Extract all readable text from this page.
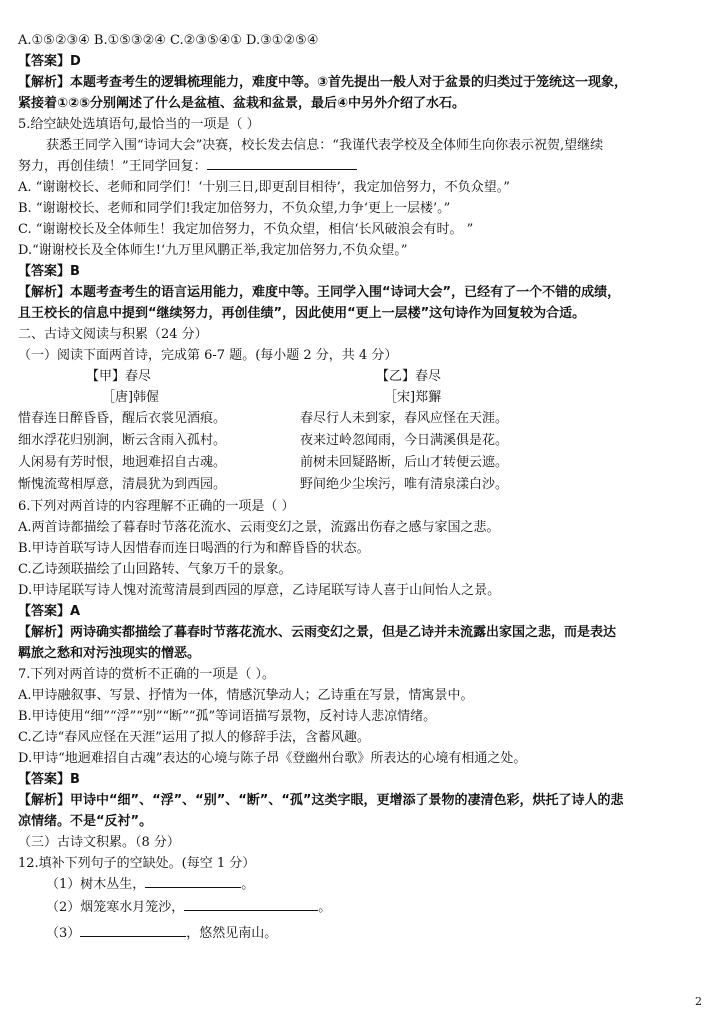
A.①⑤②③④ B.①⑤③②④ C.②③⑤④① D.③①②⑤④
【答案】D
【解析】本题考查考生的逻辑梳理能力，难度中等。③首先提出一般人对于盆景的归类过于笼统这一现象，
紧接着①②⑤分别阐述了什么是盆植、盆栽和盆景，最后④中另外介绍了水石。
5.给空缺处选填语句,最恰当的一项是（ ）
获悉王同学入围“诗词大会”决赛，校长发去信息：“我谨代表学校及全体师生向你表示祝贺,望继续
努力，再创佳绩！”王同学回复：
A. “谢谢校长、老师和同学们！‘十别三日,即更刮目相待’，我定加倍努力，不负众望。”
B. “谢谢校长、老师和同学们!我定加倍努力，不负众望,力争‘更上一层楼’。”
C. “谢谢校长及全体师生！我定加倍努力，不负众望，相信‘长风破浪会有时。 ”
D.“谢谢校长及全体师生!‘九万里风鹏正举,我定加倍努力,不负众望。”
【答案】B
【解析】本题考查考生的语言运用能力，难度中等。王同学入围“诗词大会”，已经有了一个不错的成绩，
且王校长的信息中提到“继续努力，再创佳绩”，因此使用“更上一层楼”这句诗作为回复较为合适。
二、古诗文阅读与积累（24 分）
（一）阅读下面两首诗，完成第 6-7 题。(每小题 2 分，共 4 分）
【甲】春尽	【乙】春尽
［唐]韩偓	［宋]郑獬
惜春连日醉昏昏，醒后衣裳见酒痕。	春尽行人未到家，春风应怪在天涯。
细水浮花归别涧，断云含雨入孤村。	夜来过岭忽闻雨，今日满溪俱是花。
人闲易有芳时恨，地迥难招自古魂。	前树未回疑路断，后山才转便云遮。
惭愧流莺相厚意，清晨犹为到西园。	野间绝少尘埃污，唯有清泉漾白沙。
6.下列对两首诗的内容理解不正确的一项是（ ）
A.两首诗都描绘了暮春时节落花流水、云雨变幻之景，流露出伤春之感与家国之悲。
B.甲诗首联写诗人因惜春而连日喝酒的行为和醉昏昏的状态。
C.乙诗颈联描绘了山回路转、气象万千的景象。
D.甲诗尾联写诗人愧对流莺清晨到西园的厚意，乙诗尾联写诗人喜于山间怡人之景。
【答案】A
【解析】两诗确实都描绘了暮春时节落花流水、云雨变幻之景，但是乙诗并未流露出家国之悲，而是表达
羁旅之愁和对污浊现实的憎恶。
7.下列对两首诗的赏析不正确的一项是（ ）。
A.甲诗融叙事、写景、抒情为一体，情感沉挚动人；乙诗重在写景，情寓景中。
B.甲诗使用“细”“浮”“别”“断”“孤”等词语描写景物，反衬诗人悲凉情绪。
C.乙诗“春风应怪在天涯”运用了拟人的修辞手法，含蓄风趣。
D.甲诗“地迥难招自古魂”表达的心境与陈子昂《登幽州台歌》所表达的心境有相通之处。
【答案】B
【解析】甲诗中“细”、“浮”、“别”、“断”、“孤”这类字眼，更增添了景物的凄清色彩，烘托了诗人的悲
凉情绪。不是“反衬”。
（三）古诗文积累。（8 分）
12.填补下列句子的空缺处。(每空 1 分）
（1）树木丛生，	。
（2）烟笼寒水月笼沙，	。
（3）	，悠然见南山。
2
